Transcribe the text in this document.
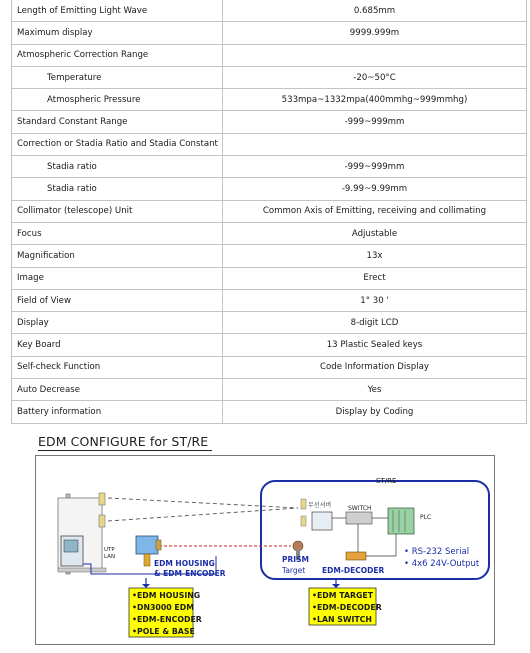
Length of Emitting Light Wave	0.685mm
Maximum display	9999.999m
Atmospheric Correction Range	
Temperature	-20~50°C
Atmospheric Pressure	533mpa~1332mpa(400mmhg~999mmhg)
Standard Constant Range	-999~999mm
Correction or Stadia Ratio and Stadia Constant	
Stadia ratio	-999~999mm
Stadia ratio	-9.99~9.99mm
Collimator (telescope) Unit	Common Axis of Emitting, receiving and collimating
Focus	Adjustable
Magnification	13x
Image	Erect
Field of View	1° 30 '
Display	8-digit LCD
Key Board	13 Plastic Sealed keys
Self-check Function	Code Information Display
Auto Decrease	Yes
Battery information	Display by Coding
EDM CONFIGURE for ST/RE
ST/RE
UTP
LAN
EDM HOUSING
& EDM-ENCODER
PRISM
Target
무선셔버	SWITCH
PLC
EDM-DECODER
• RS-232 Serial
• 4x6 24V-Output
•EDM HOUSING
•DN3000 EDM
•EDM-ENCODER
•POLE & BASE
•EDM TARGET
•EDM-DECODER
•LAN SWITCH
